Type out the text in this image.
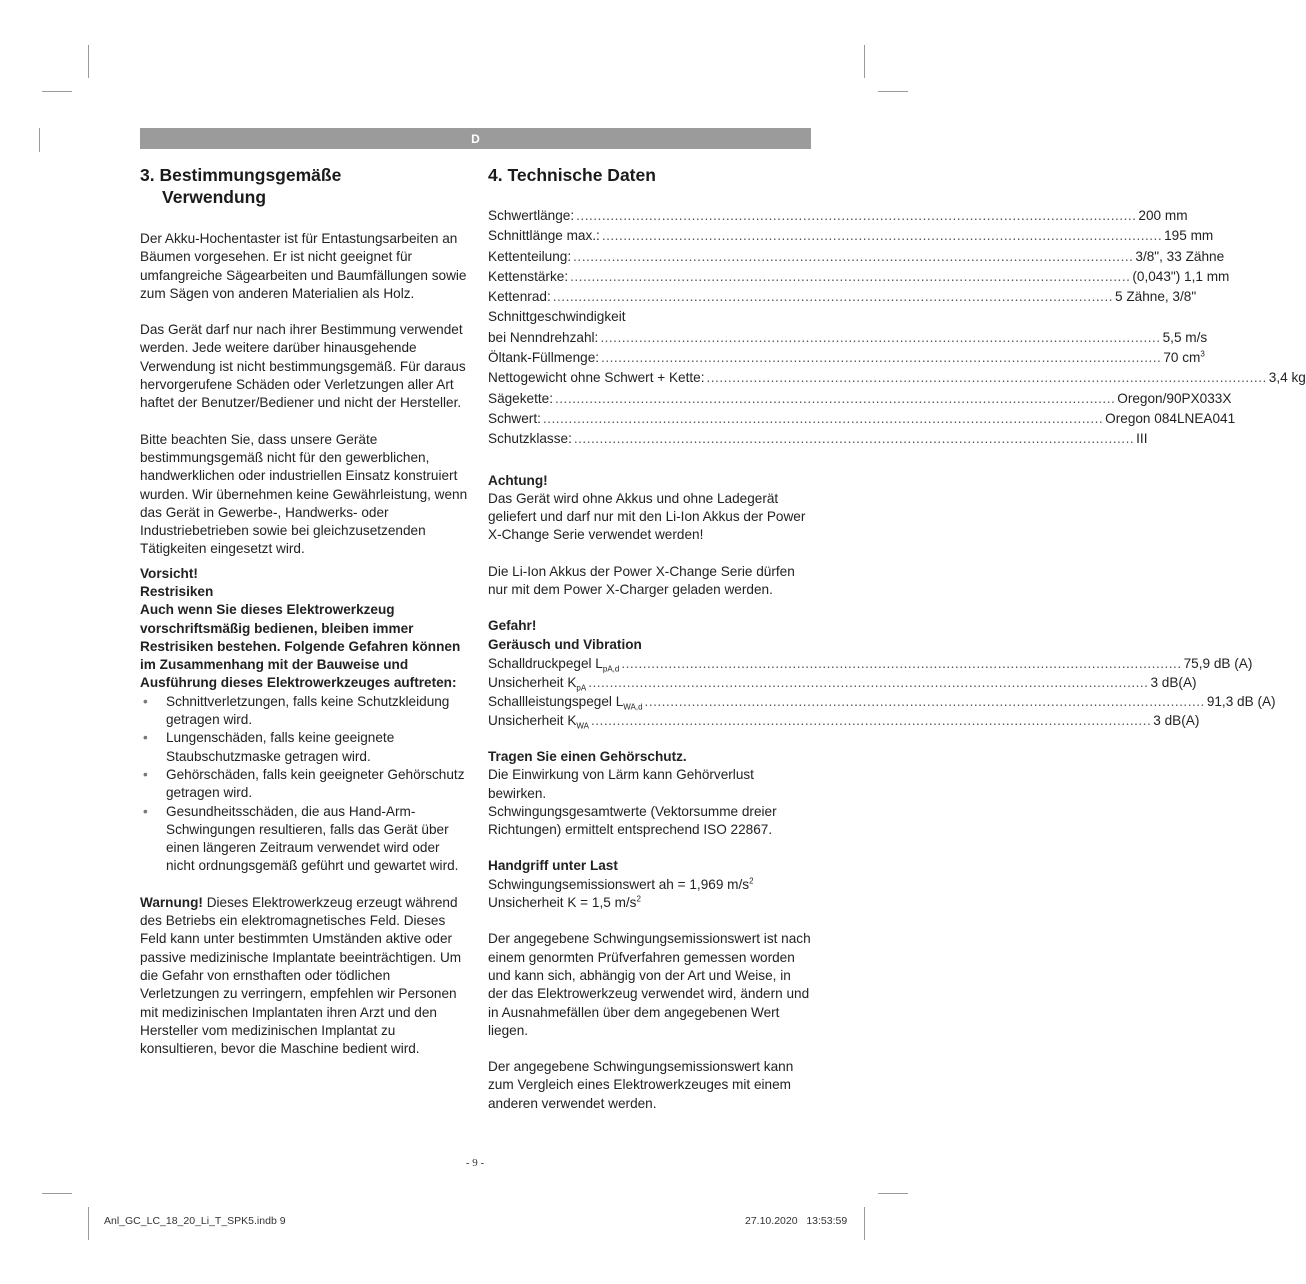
D
3. Bestimmungsgemäße

Verwendung

Der Akku-Hochentaster ist für Entastungsarbeiten an Bäumen vorgesehen. Er ist nicht geeignet für umfangreiche Sägearbeiten und Baumfällungen sowie zum Sägen von anderen Materialien als Holz.

Das Gerät darf nur nach ihrer Bestimmung verwendet werden. Jede weitere darüber hinausgehende Verwendung ist nicht bestimmungsgemäß. Für daraus hervorgerufene Schäden oder Verletzungen aller Art haftet der Benutzer/Bediener und nicht der Hersteller.

Bitte beachten Sie, dass unsere Geräte bestimmungsgemäß nicht für den gewerblichen, handwerklichen oder industriellen Einsatz konstruiert wurden. Wir übernehmen keine Gewährleistung, wenn das Gerät in Gewerbe-, Handwerks- oder Industriebetrieben sowie bei gleichzusetzenden Tätigkeiten eingesetzt wird.

Vorsicht!

Restrisiken

Auch wenn Sie dieses Elektrowerkzeug vorschriftsmäßig bedienen, bleiben immer Restrisiken bestehen. Folgende Gefahren können im Zusammenhang mit der Bauweise und Ausführung dieses Elektrowerkzeuges auftreten:

• Schnittverletzungen, falls keine Schutzkleidung getragen wird.
• Lungenschäden, falls keine geeignete Staubschutzmaske getragen wird.
• Gehörschäden, falls kein geeigneter Gehörschutz getragen wird.
• Gesundheitsschäden, die aus Hand-Arm-Schwingungen resultieren, falls das Gerät über einen längeren Zeitraum verwendet wird oder nicht ordnungsgemäß geführt und gewartet wird.

Warnung! Dieses Elektrowerkzeug erzeugt während des Betriebs ein elektromagnetisches Feld. Dieses Feld kann unter bestimmten Umständen aktive oder passive medizinische Implantate beeinträchtigen. Um die Gefahr von ernsthaften oder tödlichen Verletzungen zu verringern, empfehlen wir Personen mit medizinischen Implantaten ihren Arzt und den Hersteller vom medizinischen Implantat zu konsultieren, bevor die Maschine bedient wird.

4. Technische Daten
Schwertlänge: .....	200 mm
Schnittlänge max.: .....	195 mm
Kettenteilung: .....	3/8", 33 Zähne
Kettenstärke: .....	(0,043") 1,1 mm
Kettenrad: .....	5 Zähne, 3/8"
Schnittgeschwindigkeit
bei Nenndrehzahl: .....	5,5 m/s
Öltank-Füllmenge: .....	70 $cm^3$
Nettogewicht ohne Schwert + Kette: .....	3,4 kg
Sägekette: .....	Oregon/90PX033X
Schwert: .....	Oregon 084LNEA041
Schutzklasse: .....	III

Achtung!

Das Gerät wird ohne Akkus und ohne Ladegerät geliefert und darf nur mit den Li-Ion Akkus der Power X-Change Serie verwendet werden!

Die Li-Ion Akkus der Power X-Change Serie dürfen nur mit dem Power X-Charger geladen werden.

Gefahr!

Geräusch und Vibration

Schalldruckpegel $L_{pA,d}$ .....	75,9 dB (A)
Unsicherheit $K_{pA}$ .....	3 dB(A)
Schallleistungspegel $L_{WA,d}$ .....	91,3 dB (A)
Unsicherheit $K_{WA}$ .....	3 dB(A)

Tragen Sie einen Gehörschutz.

Die Einwirkung von Lärm kann Gehörverlust bewirken.

Schwingungsgesamtwerte (Vektorsumme dreier Richtungen) ermittelt entsprechend ISO 22867.

Handgriff unter Last

Schwingungsemissionswert ah = 1,969 $m/s^2$

Unsicherheit K = 1,5 $m/s^2$

Der angegebene Schwingungsemissionswert ist nach einem genormten Prüfverfahren gemessen worden und kann sich, abhängig von der Art und Weise, in der das Elektrowerkzeug verwendet wird, ändern und in Ausnahmefällen über dem angegebenen Wert liegen.

Der angegebene Schwingungsemissionswert kann zum Vergleich eines Elektrowerkzeuges mit einem anderen verwendet werden.

- 9 -
Anl_GC_LC_18_20_Li_T_SPK5.indb 9	27.10.2020 13:53:59
